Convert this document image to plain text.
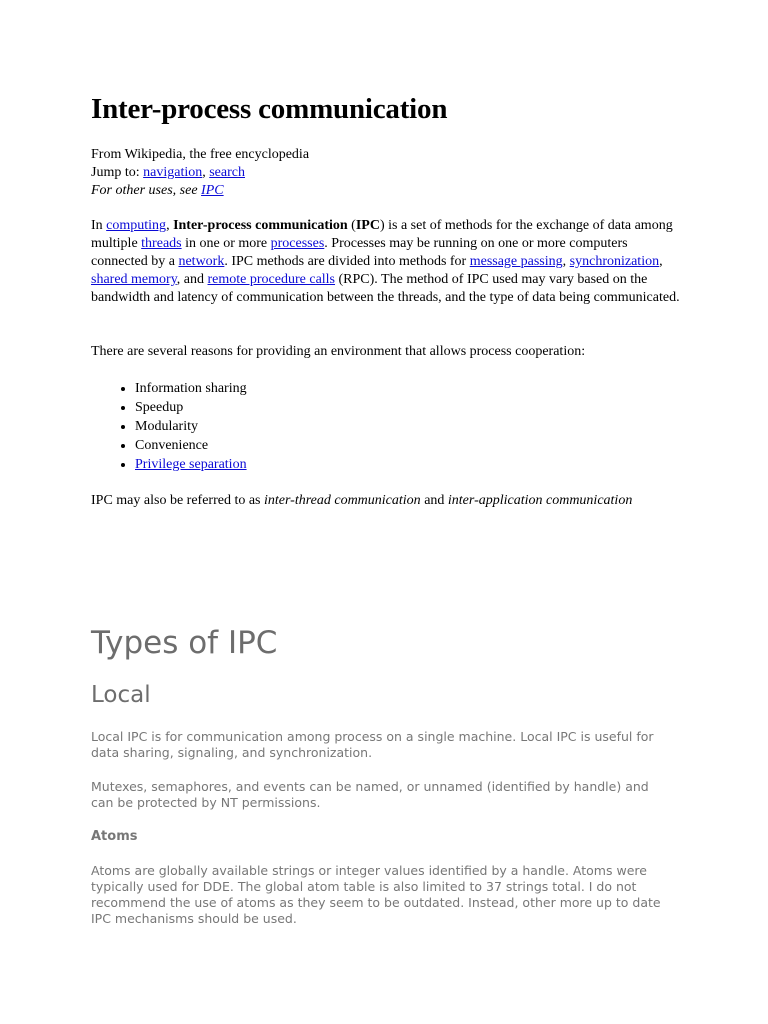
Inter-process communication
From Wikipedia, the free encyclopedia
Jump to: navigation, search
For other uses, see IPC

In computing, Inter-process communication (IPC) is a set of methods for the exchange of data among multiple threads in one or more processes. Processes may be running on one or more computers connected by a network. IPC methods are divided into methods for message passing, synchronization, shared memory, and remote procedure calls (RPC). The method of IPC used may vary based on the bandwidth and latency of communication between the threads, and the type of data being communicated.

There are several reasons for providing an environment that allows process cooperation:

• Information sharing
• Speedup
• Modularity
• Convenience
• Privilege separation

IPC may also be referred to as inter-thread communication and inter-application communication

Types of IPC
Local

Local IPC is for communication among process on a single machine. Local IPC is useful for data sharing, signaling, and synchronization.

Mutexes, semaphores, and events can be named, or unnamed (identified by handle) and can be protected by NT permissions.

Atoms

Atoms are globally available strings or integer values identified by a handle. Atoms were typically used for DDE. The global atom table is also limited to 37 strings total. I do not recommend the use of atoms as they seem to be outdated. Instead, other more up to date IPC mechanisms should be used.
